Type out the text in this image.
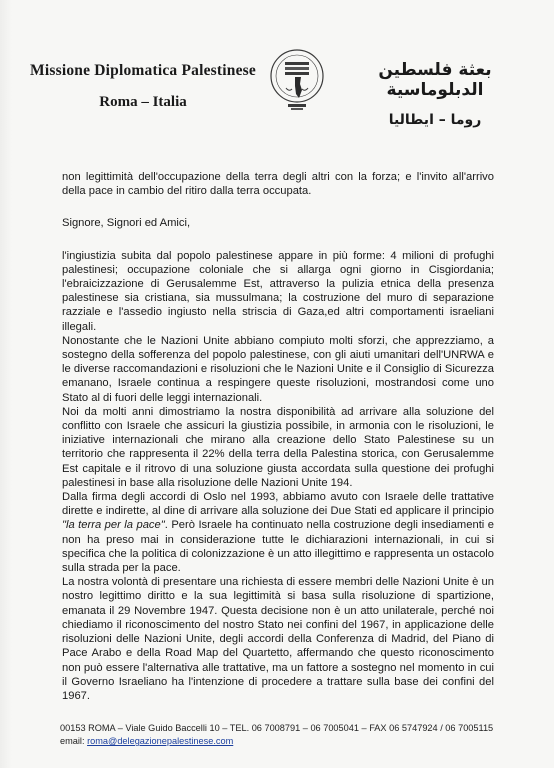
Missione Diplomatica Palestinese
Roma – Italia
بعثة فلسطين الدبلوماسية
روما – ايطاليا

non legittimità dell'occupazione della terra degli altri con la forza; e l'invito all'arrivo della pace in cambio del ritiro dalla terra occupata.

Signore, Signori ed Amici,

l'ingiustizia subita dal popolo palestinese appare in più forme: 4 milioni di profughi palestinesi; occupazione coloniale che si allarga ogni giorno in Cisgiordania; l'ebraicizzazione di Gerusalemme Est, attraverso la pulizia etnica della presenza palestinese sia cristiana, sia mussulmana; la costruzione del muro di separazione razziale e l'assedio ingiusto nella striscia di Gaza,ed altri comportamenti israeliani illegali.

Nonostante che le Nazioni Unite abbiano compiuto molti sforzi, che apprezziamo, a sostegno della sofferenza del popolo palestinese, con gli aiuti umanitari dell'UNRWA e le diverse raccomandazioni e risoluzioni che le Nazioni Unite e il Consiglio di Sicurezza emanano, Israele continua a respingere queste risoluzioni, mostrandosi come uno Stato al di fuori delle leggi internazionali.

Noi da molti anni dimostriamo la nostra disponibilità ad arrivare alla soluzione del conflitto con Israele che assicuri la giustizia possibile, in armonia con le risoluzioni, le iniziative internazionali che mirano alla creazione dello Stato Palestinese su un territorio che rappresenta il 22% della terra della Palestina storica, con Gerusalemme Est capitale e il ritrovo di una soluzione giusta accordata sulla questione dei profughi palestinesi in base alla risoluzione delle Nazioni Unite 194.

Dalla firma degli accordi di Oslo nel 1993, abbiamo avuto con Israele delle trattative dirette e indirette, al dine di arrivare alla soluzione dei Due Stati ed applicare il principio "la terra per la pace". Però Israele ha continuato nella costruzione degli insediamenti e non ha preso mai in considerazione tutte le dichiarazioni internazionali, in cui si specifica che la politica di colonizzazione è un atto illegittimo e rappresenta un ostacolo sulla strada per la pace.

La nostra volontà di presentare una richiesta di essere membri delle Nazioni Unite è un nostro legittimo diritto e la sua legittimità si basa sulla risoluzione di spartizione, emanata il 29 Novembre 1947. Questa decisione non è un atto unilaterale, perché noi chiediamo il riconoscimento del nostro Stato nei confini del 1967, in applicazione delle risoluzioni delle Nazioni Unite, degli accordi della Conferenza di Madrid, del Piano di Pace Arabo e della Road Map del Quartetto, affermando che questo riconoscimento non può essere l'alternativa alle trattative, ma un fattore a sostegno nel momento in cui il Governo Israeliano ha l'intenzione di procedere a trattare sulla base dei confini del 1967.

00153 ROMA – Viale Guido Baccelli 10 – TEL. 06 7008791 – 06 7005041 – FAX 06 5747924 / 06 7005115
email: roma@delegazionepalestinese.com
